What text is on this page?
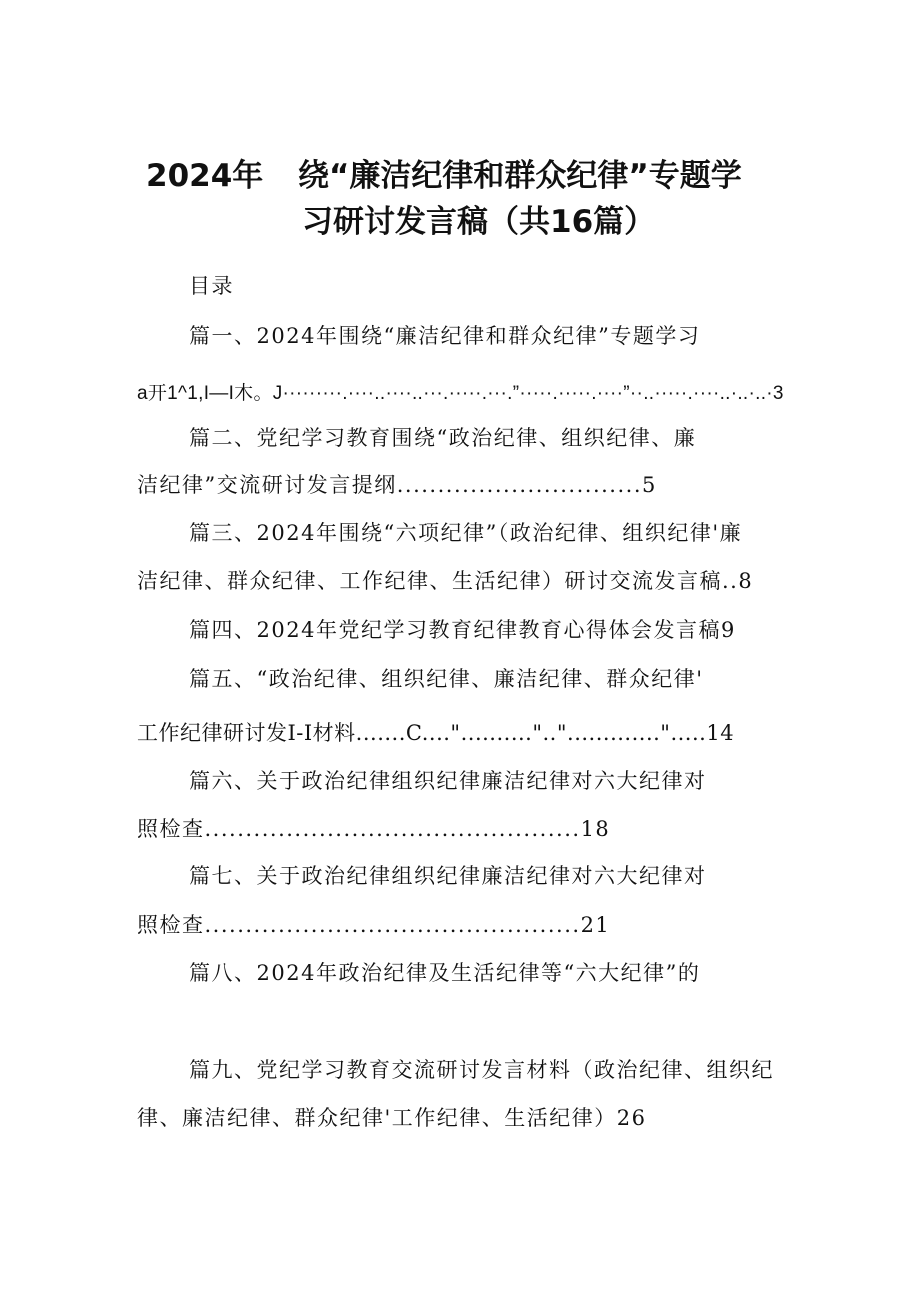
2024年 绕“廉洁纪律和群众纪律”专题学
习研讨发言稿（共16篇）
目录
篇一、2024年围绕“廉洁纪律和群众纪律”专题学习
a开1^1,I—I木。J·········.····..····..···.·····.···.”·····.·····.····”··..·····.····..·..·..·3
篇二、党纪学习教育围绕“政治纪律、组织纪律、廉
洁纪律”交流研讨发言提纲..............................5
篇三、2024年围绕“六项纪律”（政治纪律、组织纪律'廉
洁纪律、群众纪律、工作纪律、生活纪律）研讨交流发言稿..8
篇四、2024年党纪学习教育纪律教育心得体会发言稿9
篇五、“政治纪律、组织纪律、廉洁纪律、群众纪律'
工作纪律研讨发I-I材料.......C....".........."..".............".....14
篇六、关于政治纪律组织纪律廉洁纪律对六大纪律对
照检查..............................................18
篇七、关于政治纪律组织纪律廉洁纪律对六大纪律对
照检查..............................................21
篇八、2024年政治纪律及生活纪律等“六大纪律”的
篇九、党纪学习教育交流研讨发言材料（政治纪律、组织纪
律、廉洁纪律、群众纪律'工作纪律、生活纪律）26
